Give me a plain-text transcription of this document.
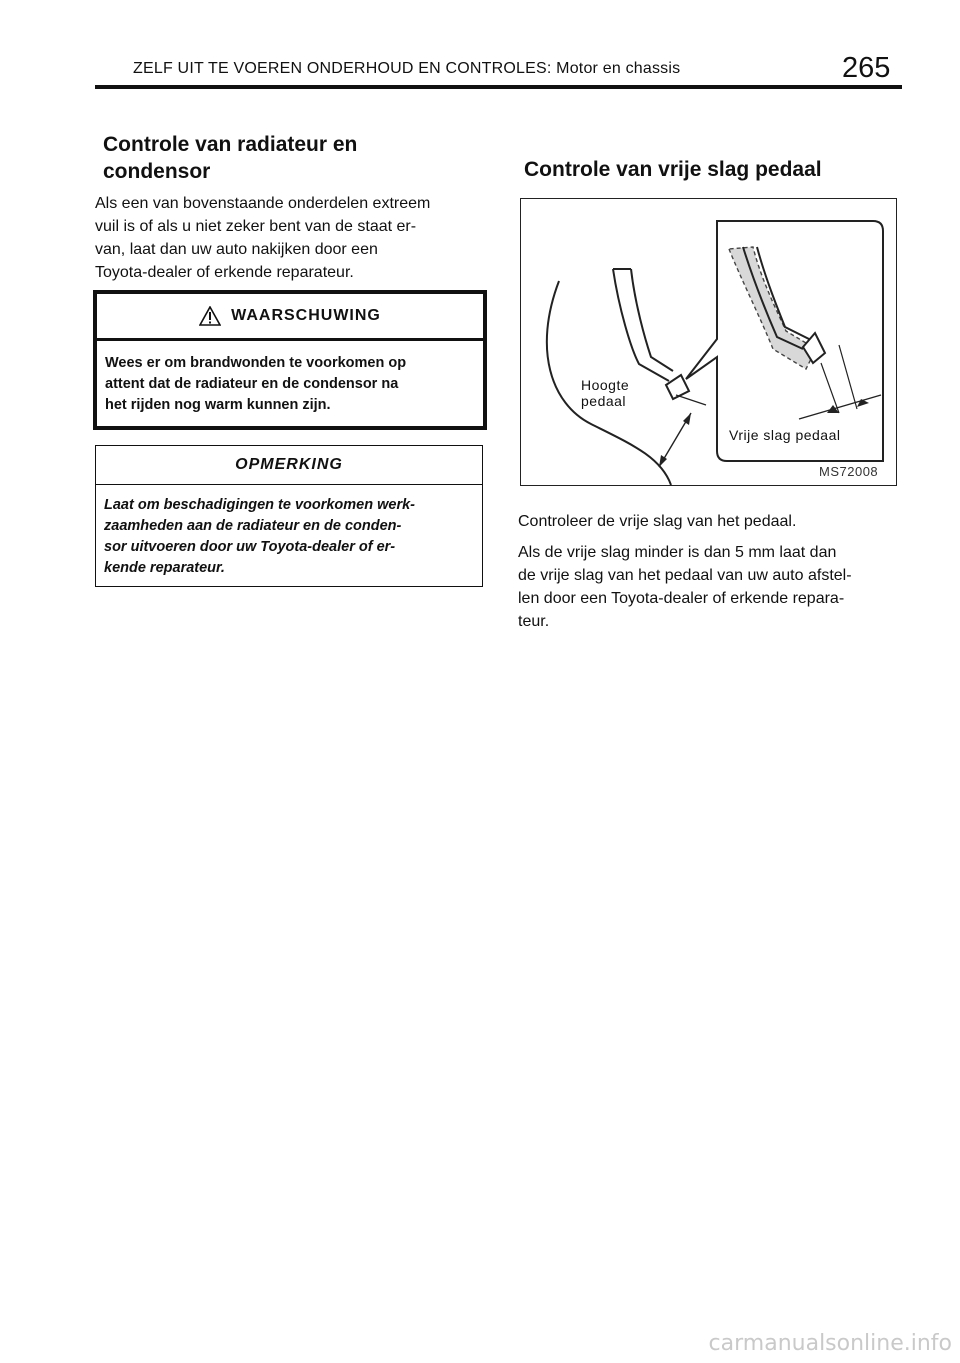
ZELF UIT TE VOEREN ONDERHOUD EN CONTROLES: Motor en chassis	265
Controle van radiateur en
condensor
Als een van bovenstaande onderdelen extreem
vuil is of als u niet zeker bent van de staat er-
van, laat dan uw auto nakijken door een
Toyota-dealer of erkende reparateur.
WAARSCHUWING
Wees er om brandwonden te voorkomen op
attent dat de radiateur en de condensor na
het rijden nog warm kunnen zijn.
OPMERKING
Laat om beschadigingen te voorkomen werk-
zaamheden aan de radiateur en de conden-
sor uitvoeren door uw Toyota-dealer of er-
kende reparateur.
Controle van vrije slag pedaal
Hoogte
pedaal
Vrije slag pedaal
MS72008
Controleer de vrije slag van het pedaal.
Als de vrije slag minder is dan 5 mm laat dan
de vrije slag van het pedaal van uw auto afstel-
len door een Toyota-dealer of erkende repara-
teur.
carmanualsonline.info
